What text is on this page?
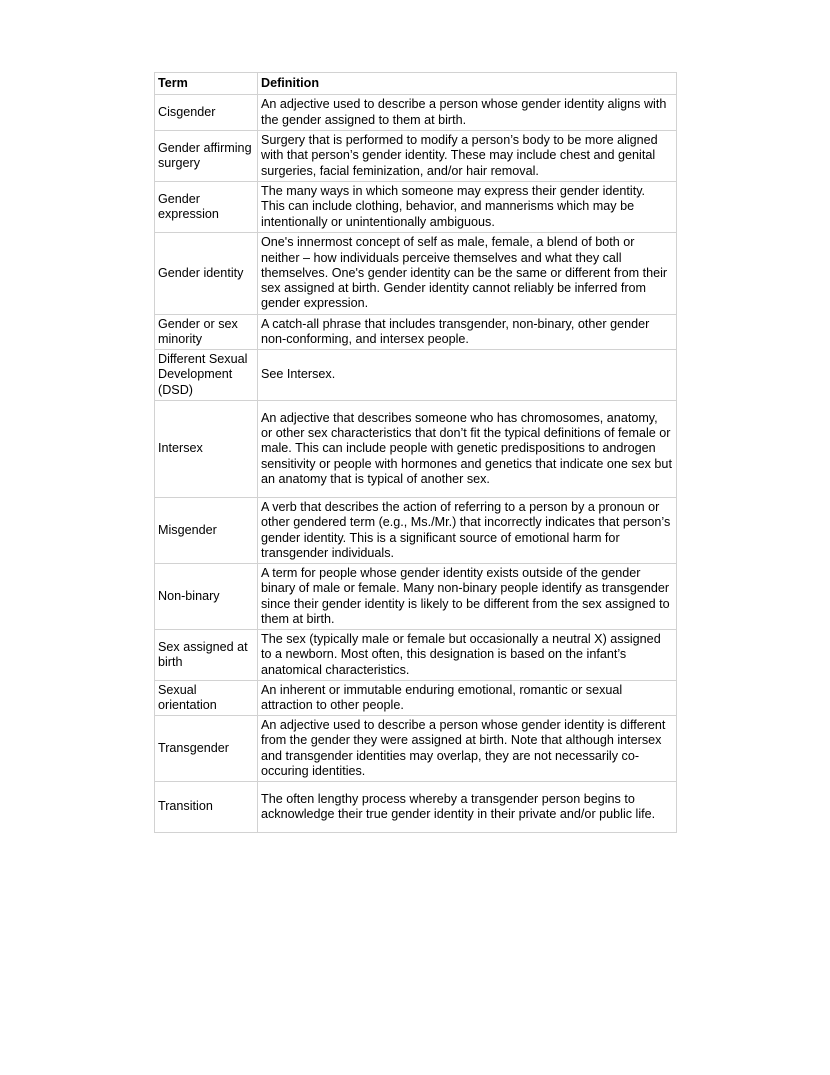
Term	Definition
Cisgender	An adjective used to describe a person whose gender identity aligns with the gender assigned to them at birth.
Gender affirming surgery	Surgery that is performed to modify a person’s body to be more aligned with that person’s gender identity. These may include chest and genital surgeries, facial feminization, and/or hair removal.
Gender expression	The many ways in which someone may express their gender identity. This can include clothing, behavior, and mannerisms which may be intentionally or unintentionally ambiguous.
Gender identity	One's innermost concept of self as male, female, a blend of both or neither – how individuals perceive themselves and what they call themselves. One's gender identity can be the same or different from their sex assigned at birth. Gender identity cannot reliably be inferred from gender expression.
Gender or sex minority	A catch-all phrase that includes transgender, non-binary, other gender non-conforming, and intersex people.
Different Sexual Development (DSD)	See Intersex.
Intersex	An adjective that describes someone who has chromosomes, anatomy, or other sex characteristics that don’t fit the typical definitions of female or male. This can include people with genetic predispositions to androgen sensitivity or people with hormones and genetics that indicate one sex but an anatomy that is typical of another sex.
Misgender	A verb that describes the action of referring to a person by a pronoun or other gendered term (e.g., Ms./Mr.) that incorrectly indicates that person’s gender identity. This is a significant source of emotional harm for transgender individuals.
Non-binary	A term for people whose gender identity exists outside of the gender binary of male or female. Many non-binary people identify as transgender since their gender identity is likely to be different from the sex assigned to them at birth.
Sex assigned at birth	The sex (typically male or female but occasionally a neutral X) assigned to a newborn. Most often, this designation is based on the infant’s anatomical characteristics.
Sexual orientation	An inherent or immutable enduring emotional, romantic or sexual attraction to other people.
Transgender	An adjective used to describe a person whose gender identity is different from the gender they were assigned at birth. Note that although intersex and transgender identities may overlap, they are not necessarily co-occuring identities.
Transition	The often lengthy process whereby a transgender person begins to acknowledge their true gender identity in their private and/or public life.
